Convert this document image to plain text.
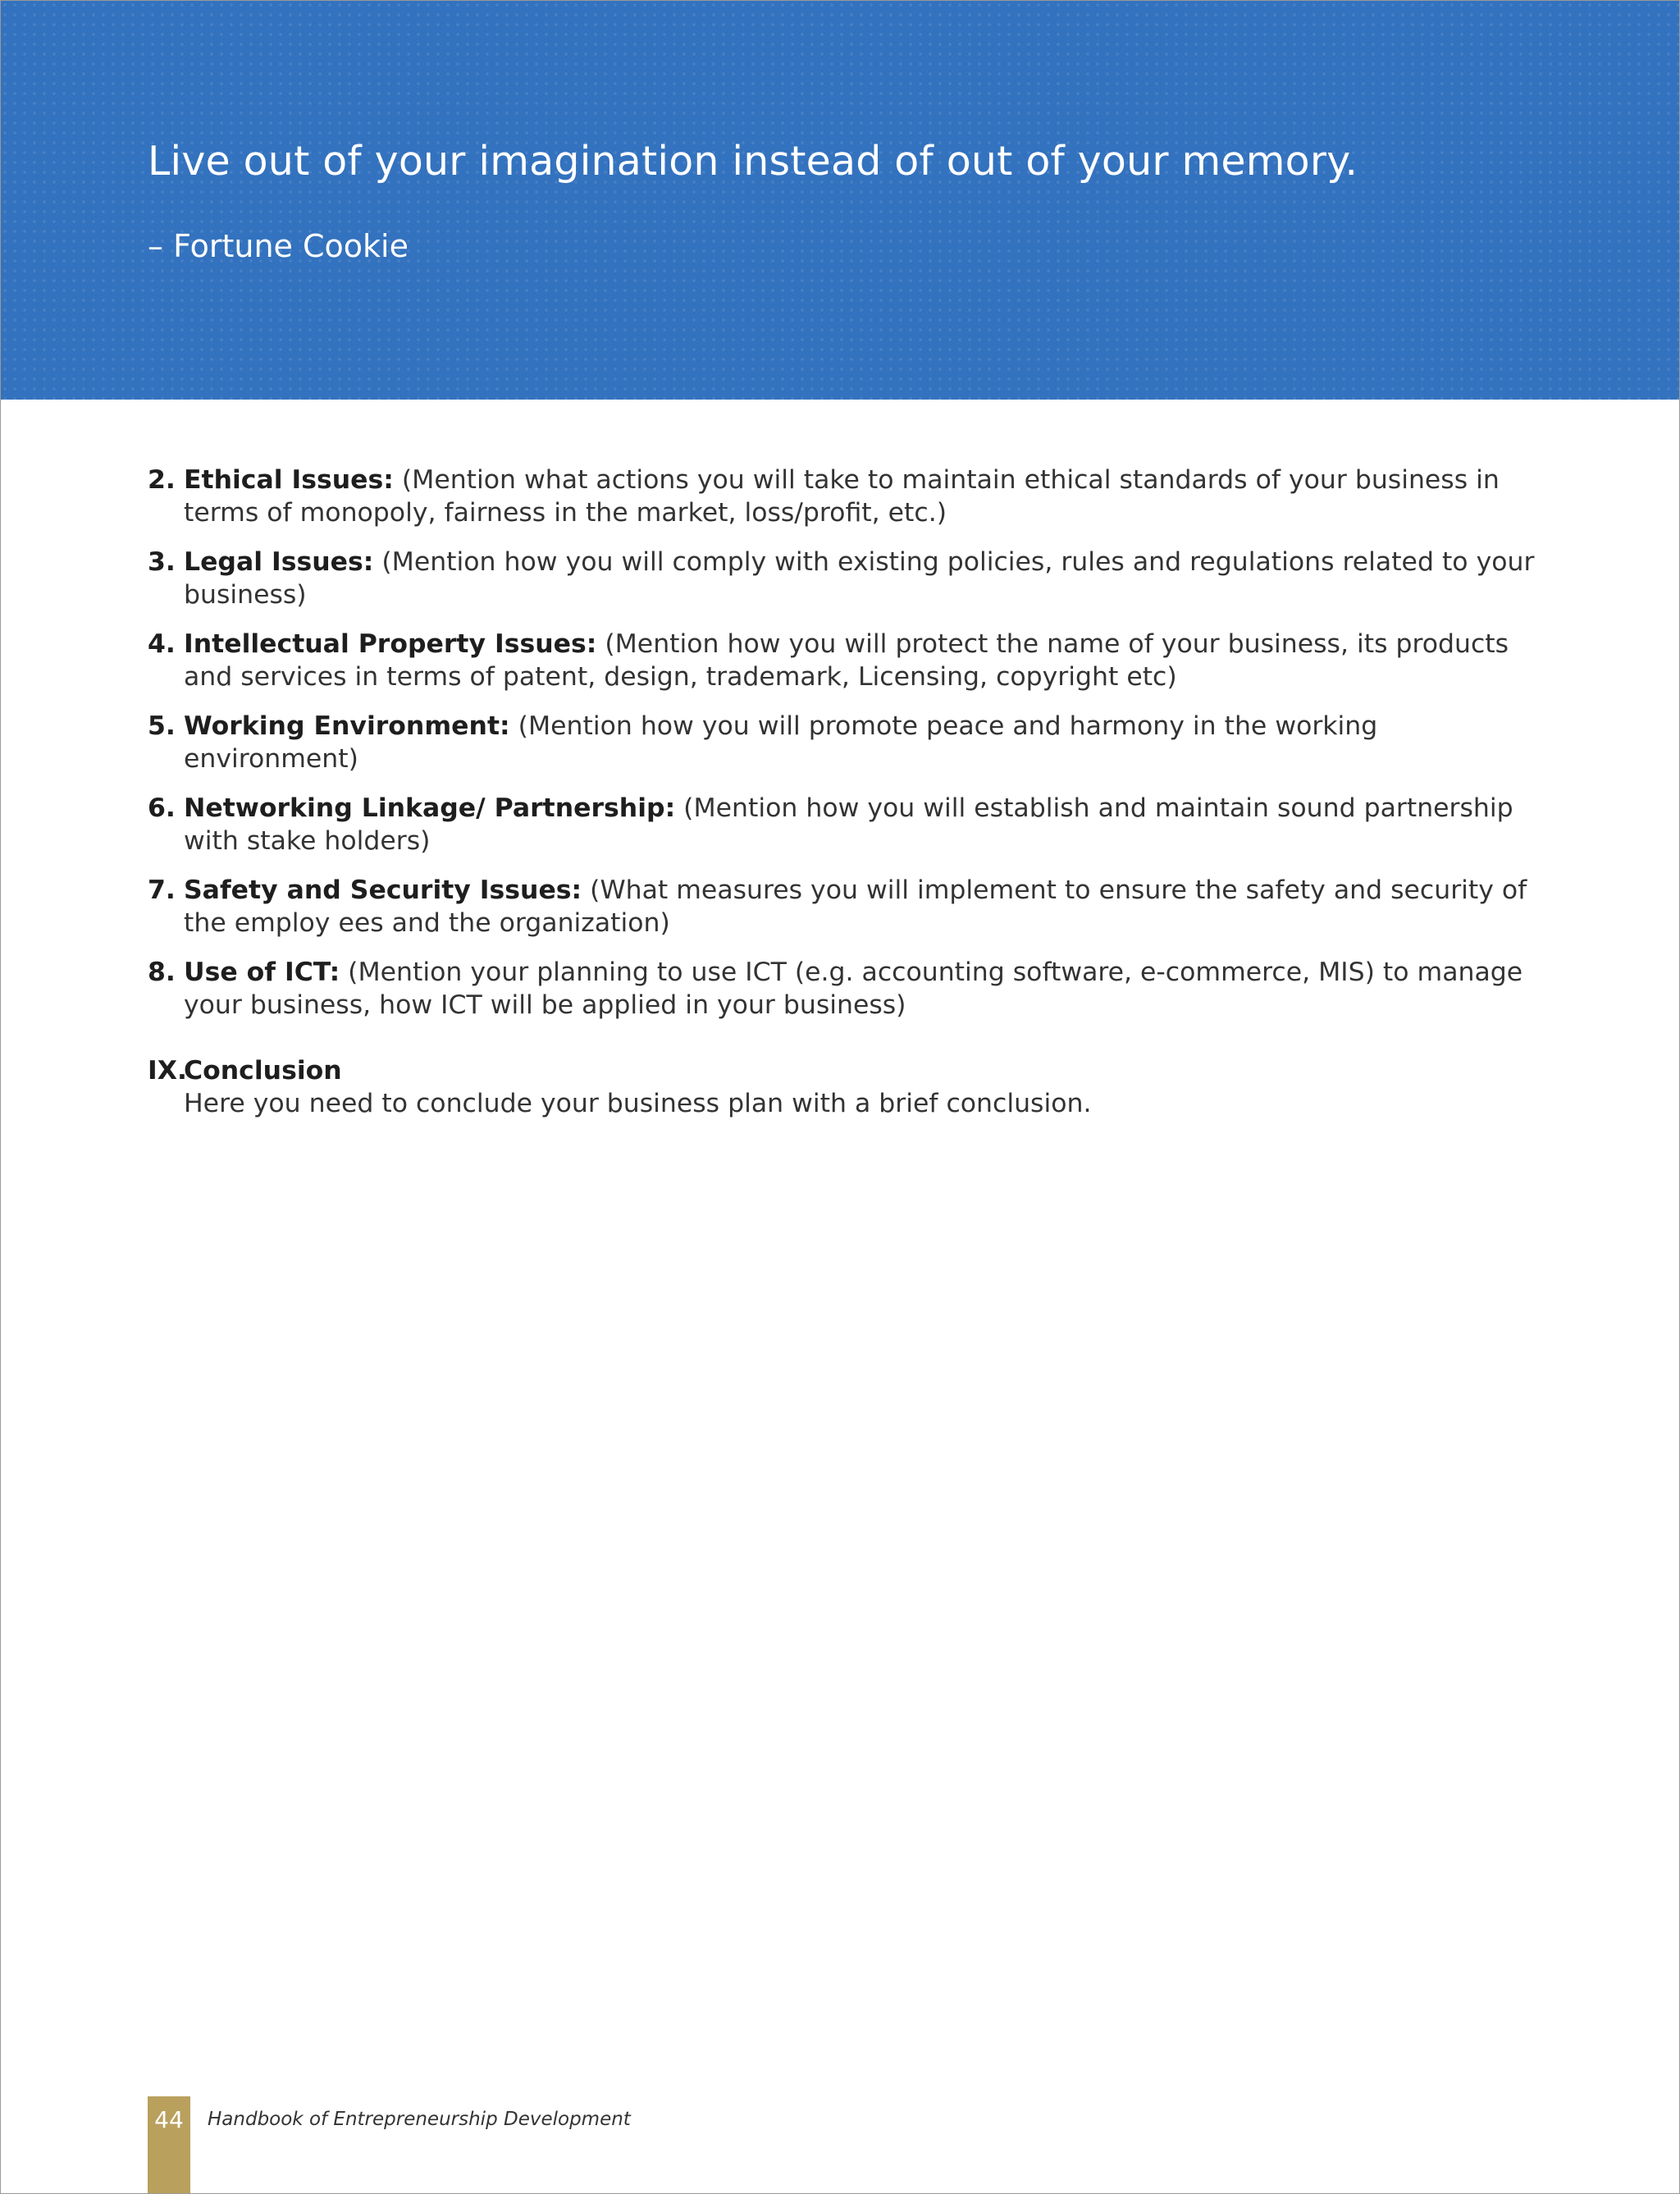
Live out of your imagination instead of out of your memory.

– Fortune Cookie

2. Ethical Issues: (Mention what actions you will take to maintain ethical standards of your business in terms of monopoly, fairness in the market, loss/profit, etc.)
3. Legal Issues: (Mention how you will comply with existing policies, rules and regulations related to your business)
4. Intellectual Property Issues: (Mention how you will protect the name of your business, its products and services in terms of patent, design, trademark, Licensing, copyright etc)
5. Working Environment: (Mention how you will promote peace and harmony in the working environment)
6. Networking Linkage/ Partnership: (Mention how you will establish and maintain sound partnership with stake holders)
7. Safety and Security Issues: (What measures you will implement to ensure the safety and security of the employ ees and the organization)
8. Use of ICT: (Mention your planning to use ICT (e.g. accounting software, e-commerce, MIS) to manage your business, how ICT will be applied in your business)
IX.
Conclusion
Here you need to conclude your business plan with a brief conclusion.
44	Handbook of Entrepreneurship Development
